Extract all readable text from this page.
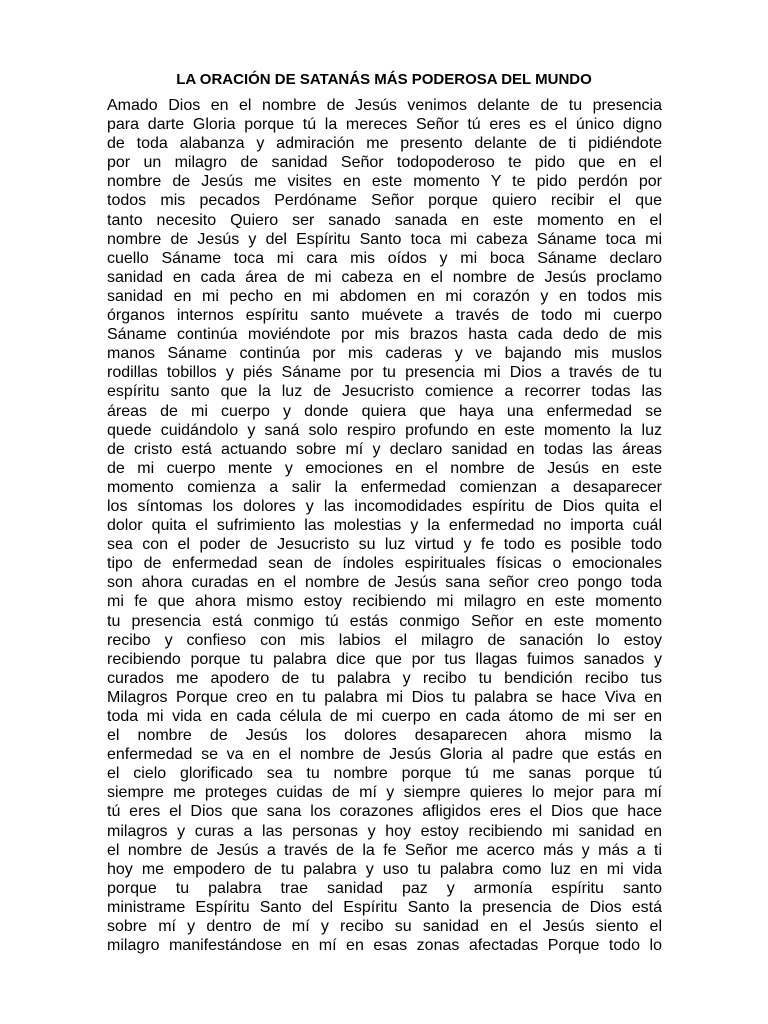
LA ORACIÓN DE SATANÁS MÁS PODEROSA DEL MUNDO
Amado Dios en el nombre de Jesús venimos delante de tu presencia
para darte Gloria porque tú la mereces Señor tú eres es el único digno
de toda alabanza y admiración me presento delante de ti pidiéndote
por un milagro de sanidad Señor todopoderoso te pido que en el
nombre de Jesús me visites en este momento Y te pido perdón por
todos mis pecados Perdóname Señor porque quiero recibir el que
tanto necesito Quiero ser sanado sanada en este momento en el
nombre de Jesús y del Espíritu Santo toca mi cabeza Sáname toca mi
cuello Sáname toca mi cara mis oídos y mi boca Sáname declaro
sanidad en cada área de mi cabeza en el nombre de Jesús proclamo
sanidad en mi pecho en mi abdomen en mi corazón y en todos mis
órganos internos espíritu santo muévete a través de todo mi cuerpo
Sáname continúa moviéndote por mis brazos hasta cada dedo de mis
manos Sáname continúa por mis caderas y ve bajando mis muslos
rodillas tobillos y piés Sáname por tu presencia mi Dios a través de tu
espíritu santo que la luz de Jesucristo comience a recorrer todas las
áreas de mi cuerpo y donde quiera que haya una enfermedad se
quede cuidándolo y saná solo respiro profundo en este momento la luz
de cristo está actuando sobre mí y declaro sanidad en todas las áreas
de mi cuerpo mente y emociones en el nombre de Jesús en este
momento comienza a salir la enfermedad comienzan a desaparecer
los síntomas los dolores y las incomodidades espíritu de Dios quita el
dolor quita el sufrimiento las molestias y la enfermedad no importa cuál
sea con el poder de Jesucristo su luz virtud y fe todo es posible todo
tipo de enfermedad sean de índoles espirituales físicas o emocionales
son ahora curadas en el nombre de Jesús sana señor creo pongo toda
mi fe que ahora mismo estoy recibiendo mi milagro en este momento
tu presencia está conmigo tú estás conmigo Señor en este momento
recibo y confieso con mis labios el milagro de sanación lo estoy
recibiendo porque tu palabra dice que por tus llagas fuimos sanados y
curados me apodero de tu palabra y recibo tu bendición recibo tus
Milagros Porque creo en tu palabra mi Dios tu palabra se hace Viva en
toda mi vida en cada célula de mi cuerpo en cada átomo de mi ser en
el nombre de Jesús los dolores desaparecen ahora mismo la
enfermedad se va en el nombre de Jesús Gloria al padre que estás en
el cielo glorificado sea tu nombre porque tú me sanas porque tú
siempre me proteges cuidas de mí y siempre quieres lo mejor para mí
tú eres el Dios que sana los corazones afligidos eres el Dios que hace
milagros y curas a las personas y hoy estoy recibiendo mi sanidad en
el nombre de Jesús a través de la fe Señor me acerco más y más a ti
hoy me empodero de tu palabra y uso tu palabra como luz en mi vida
porque tu palabra trae sanidad paz y armonía espíritu santo
ministrame Espíritu Santo del Espíritu Santo la presencia de Dios está
sobre mí y dentro de mí y recibo su sanidad en el Jesús siento el
milagro manifestándose en mí en esas zonas afectadas Porque todo lo
